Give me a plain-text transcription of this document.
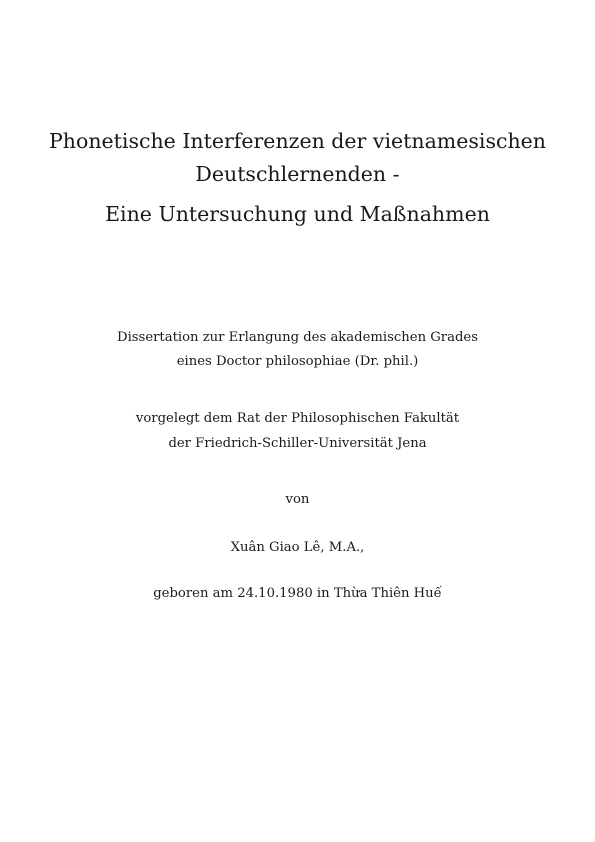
Phonetische Interferenzen der vietnamesischen
Deutschlernenden -
Eine Untersuchung und Maßnahmen
Dissertation zur Erlangung des akademischen Grades
eines Doctor philosophiae (Dr. phil.)
vorgelegt dem Rat der Philosophischen Fakultät
der Friedrich-Schiller-Universität Jena
von
Xuân Giao Lê, M.A.,
geboren am 24.10.1980 in Thừa Thiên Huế
